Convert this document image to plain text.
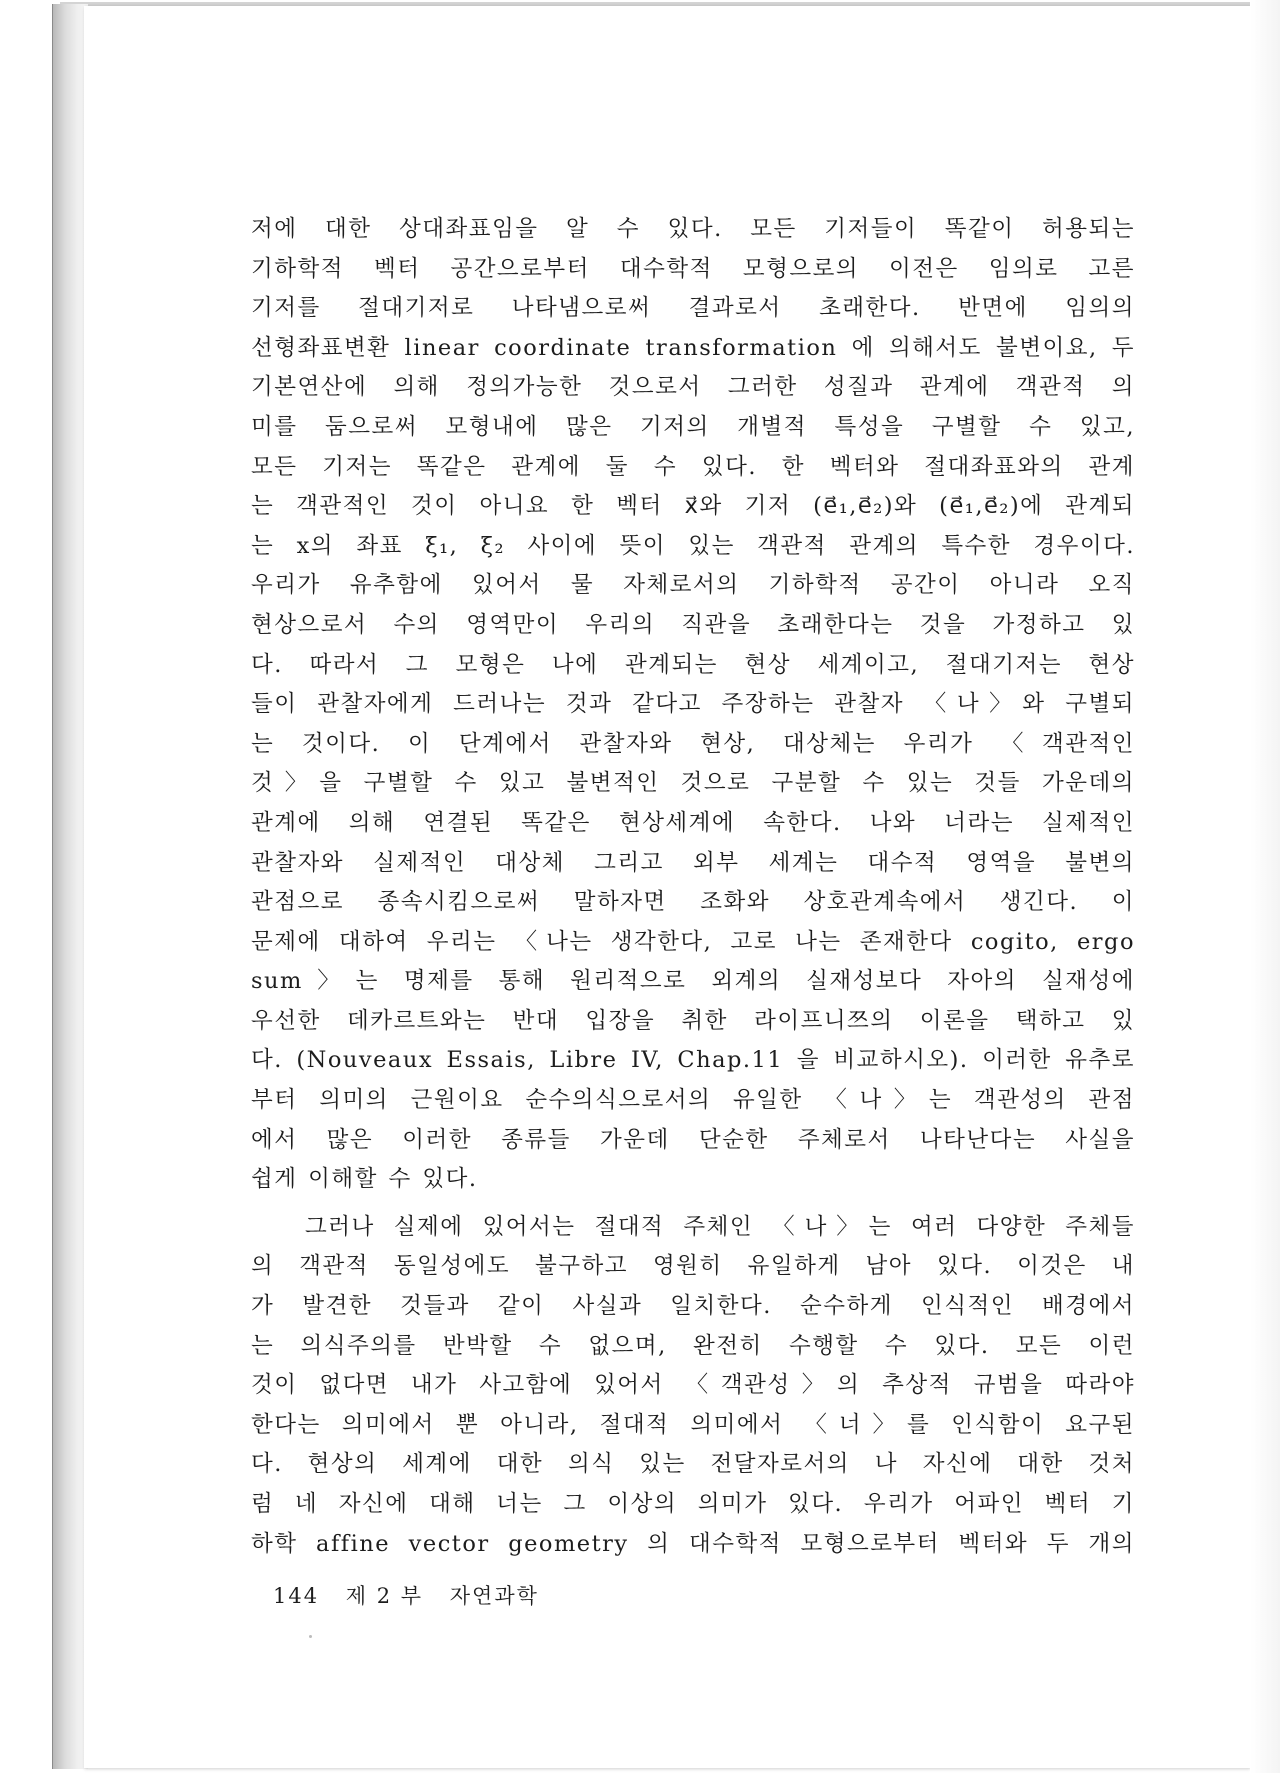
저에 대한 상대좌표임을 알 수 있다. 모든 기저들이 똑같이 허용되는
기하학적 벡터 공간으로부터 대수학적 모형으로의 이전은 임의로 고른
기저를 절대기저로 나타냄으로써 결과로서 초래한다. 반면에 임의의
선형좌표변환 linear coordinate transformation 에 의해서도 불변이요, 두
기본연산에 의해 정의가능한 것으로서 그러한 성질과 관계에 객관적 의
미를 둠으로써 모형내에 많은 기저의 개별적 특성을 구별할 수 있고,
모든 기저는 똑같은 관계에 둘 수 있다. 한 벡터와 절대좌표와의 관계
는 객관적인 것이 아니요 한 벡터 x⃗와 기저 (e⃗₁,e⃗₂)와 (e⃗₁,e⃗₂)에 관계되
는 x의 좌표 ξ₁, ξ₂ 사이에 뜻이 있는 객관적 관계의 특수한 경우이다.
우리가 유추함에 있어서 물 자체로서의 기하학적 공간이 아니라 오직
현상으로서 수의 영역만이 우리의 직관을 초래한다는 것을 가정하고 있
다. 따라서 그 모형은 나에 관계되는 현상 세계이고, 절대기저는 현상
들이 관찰자에게 드러나는 것과 같다고 주장하는 관찰자 〈나〉와 구별되
는 것이다. 이 단계에서 관찰자와 현상, 대상체는 우리가 〈객관적인
것〉을 구별할 수 있고 불변적인 것으로 구분할 수 있는 것들 가운데의
관계에 의해 연결된 똑같은 현상세계에 속한다. 나와 너라는 실제적인
관찰자와 실제적인 대상체 그리고 외부 세계는 대수적 영역을 불변의
관점으로 종속시킴으로써 말하자면 조화와 상호관계속에서 생긴다. 이
문제에 대하여 우리는 〈나는 생각한다, 고로 나는 존재한다 cogito, ergo
sum〉는 명제를 통해 원리적으로 외계의 실재성보다 자아의 실재성에
우선한 데카르트와는 반대 입장을 취한 라이프니쯔의 이론을 택하고 있
다. (Nouveaux Essais, Libre IV, Chap.11 을 비교하시오). 이러한 유추로
부터 의미의 근원이요 순수의식으로서의 유일한 〈나〉는 객관성의 관점
에서 많은 이러한 종류들 가운데 단순한 주체로서 나타난다는 사실을
쉽게 이해할 수 있다.
그러나 실제에 있어서는 절대적 주체인 〈나〉는 여러 다양한 주체들
의 객관적 동일성에도 불구하고 영원히 유일하게 남아 있다. 이것은 내
가 발견한 것들과 같이 사실과 일치한다. 순수하게 인식적인 배경에서
는 의식주의를 반박할 수 없으며, 완전히 수행할 수 있다. 모든 이런
것이 없다면 내가 사고함에 있어서 〈객관성〉의 추상적 규범을 따라야
한다는 의미에서 뿐 아니라, 절대적 의미에서 〈너〉를 인식함이 요구된
다. 현상의 세계에 대한 의식 있는 전달자로서의 나 자신에 대한 것처
럼 네 자신에 대해 너는 그 이상의 의미가 있다. 우리가 어파인 벡터 기
하학 affine vector geometry 의 대수학적 모형으로부터 벡터와 두 개의
144 제 2 부 자연과학
